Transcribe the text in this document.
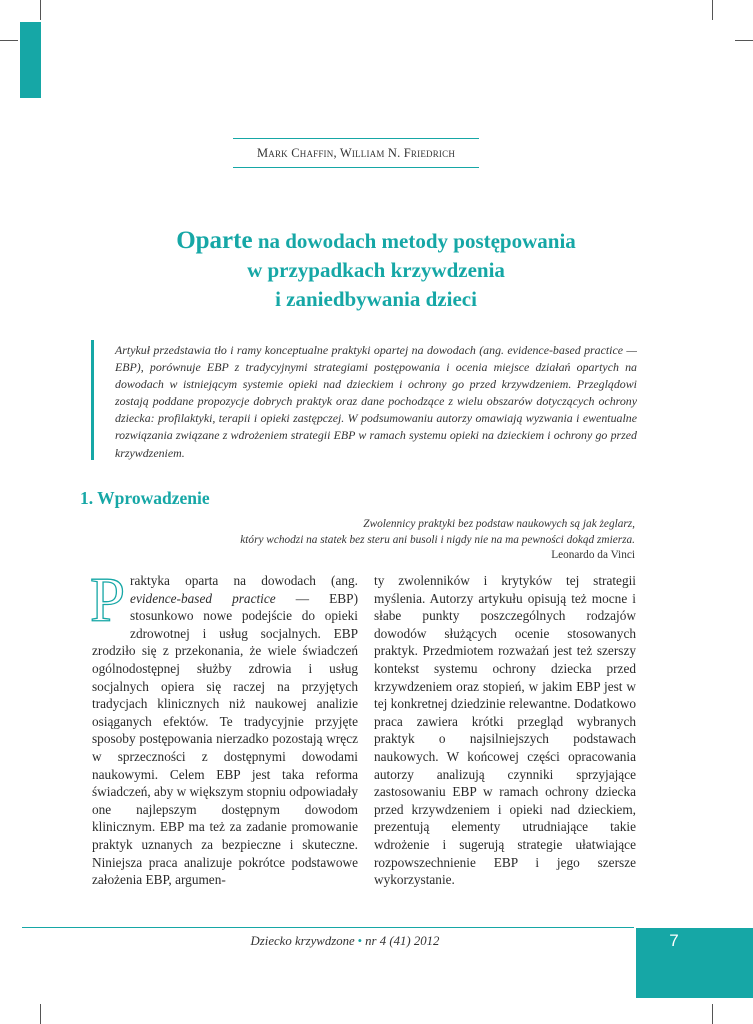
Mark Chaffin, William N. Friedrich
Oparte na dowodach metody postępowania
w przypadkach krzywdzenia
i zaniedbywania dzieci
Artykuł przedstawia tło i ramy konceptualne praktyki opartej na dowodach (ang. evidence-based practice — EBP), porównuje EBP z tradycyjnymi strategiami postępowania i ocenia miejsce działań opartych na dowodach w istniejącym systemie opieki nad dzieckiem i ochrony go przed krzywdzeniem. Przeglądowi zostają poddane propozycje dobrych praktyk oraz dane pochodzące z wielu obszarów dotyczących ochrony dziecka: profilaktyki, terapii i opieki zastępczej. W podsumowaniu autorzy omawiają wyzwania i ewentualne rozwiązania związane z wdrożeniem strategii EBP w ramach systemu opieki na dzieckiem i ochrony go przed krzywdzeniem.
1. Wprowadzenie
Zwolennicy praktyki bez podstaw naukowych są jak żeglarz,
który wchodzi na statek bez steru ani busoli i nigdy nie na ma pewności dokąd zmierza.
Leonardo da Vinci

Praktyka oparta na dowodach (ang. evidence-based practice — EBP) stosunkowo nowe podejście do opieki zdrowotnej i usług socjalnych. EBP zrodziło się z przekonania, że wiele świadczeń ogólnodostępnej służby zdrowia i usług socjalnych opiera się raczej na przyjętych tradycjach klinicznych niż naukowej analizie osiąganych efektów. Te tradycyjnie przyjęte sposoby postępowania nierzadko pozostają wręcz w sprzeczności z dostępnymi dowodami naukowymi. Celem EBP jest taka reforma świadczeń, aby w większym stopniu odpowiadały one najlepszym dostępnym dowodom klinicznym. EBP ma też za zadanie promowanie praktyk uznanych za bezpieczne i skuteczne. Niniejsza praca analizuje pokrótce podstawowe założenia EBP, argumen-

ty zwolenników i krytyków tej strategii myślenia. Autorzy artykułu opisują też mocne i słabe punkty poszczególnych rodzajów dowodów służących ocenie stosowanych praktyk. Przedmiotem rozważań jest też szerszy kontekst systemu ochrony dziecka przed krzywdzeniem oraz stopień, w jakim EBP jest w tej konkretnej dziedzinie relewantne. Dodatkowo praca zawiera krótki przegląd wybranych praktyk o najsilniejszych podstawach naukowych. W końcowej części opracowania autorzy analizują czynniki sprzyjające zastosowaniu EBP w ramach ochrony dziecka przed krzywdzeniem i opieki nad dzieckiem, prezentują elementy utrudniające takie wdrożenie i sugerują strategie ułatwiające rozpowszechnienie EBP i jego szersze wykorzystanie.

Dziecko krzywdzone • nr 4 (41) 2012	7
